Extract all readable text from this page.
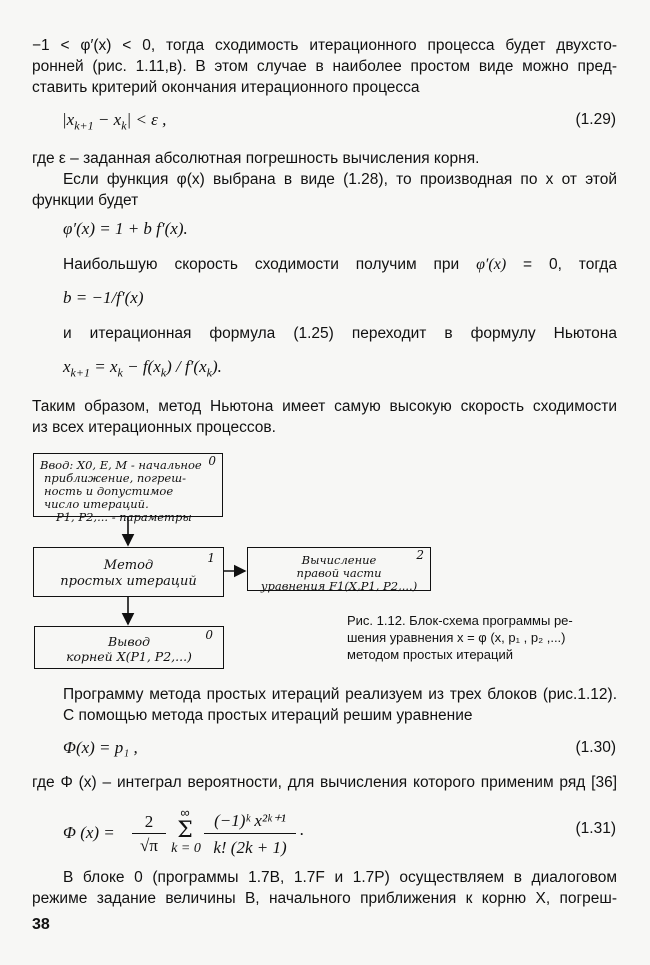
−1 < φ′(x) < 0, тогда сходимость итерационного процесса будет двухсто-
ронней (рис. 1.11,в). В этом случае в наиболее простом виде можно пред-
ставить критерий окончания итерационного процесса
$|x_{k+1} - x_k| < \varepsilon$ ,	(1.29)
где ε – заданная абсолютная погрешность вычисления корня.
Если функция φ(x) выбрана в виде (1.28), то производная по x от этой
функции будет
φ′(x) = 1 + b f′(x).
Наибольшую скорость сходимости получим при φ′(x) = 0, тогда
b = −1/f′(x)
и итерационная формула (1.25) переходит в формулу Ньютона
$x_{k+1} = x_k - f(x_k) / f'(x_k)$.
Таким образом, метод Ньютона имеет самую высокую скорость сходимости
из всех итерационных процессов.
Ввод: X0, E, M - начальное
приближение, погреш-
ность и допустимое
число итераций.
P1, P2,... - параметры
0
Метод
простых итераций
1	Вычисление
правой части
уравнения F1(X,P1, P2,...)
2
Вывод
корней X(P1, P2,...)
0
Рис. 1.12. Блок-схема программы ре-
шения уравнения x = φ (x, p₁ , p₂ ,...)
методом простых итераций
Программу метода простых итераций реализуем из трех блоков (рис.1.12).
С помощью метода простых итераций решим уравнение
Φ(x) = p₁ ,	(1.30)
где Φ (x) – интеграл вероятности, для вычисления которого применим ряд [36]
Φ (x) =
2
√π
∞
Σ
k = 0
(−1)ᵏ x²ᵏ⁺¹
k! (2k + 1)
.	(1.31)
В блоке 0 (программы 1.7B, 1.7F и 1.7P) осуществляем в диалоговом
режиме задание величины B, начального приближения к корню X, погреш-
38
